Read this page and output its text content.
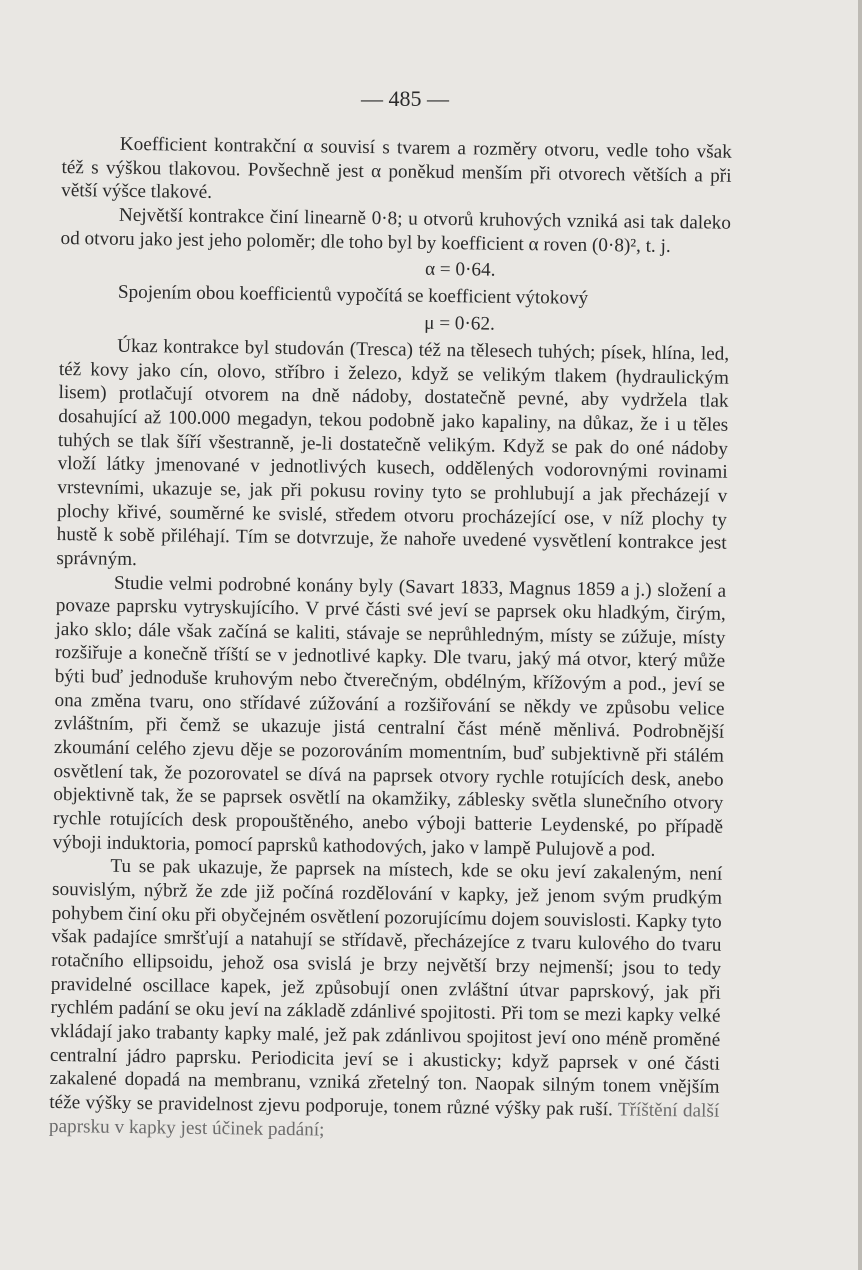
— 485 —

Koefficient kontrakční α souvisí s tvarem a rozměry otvoru, vedle toho však též s výškou tlakovou. Povšechně jest α poněkud menším při otvorech větších a při větší výšce tlakové.

Největší kontrakce činí linearně 0·8; u otvorů kruhových vzniká asi tak daleko od otvoru jako jest jeho poloměr; dle toho byl by koefficient α roven (0·8)², t. j.

α = 0·64.

Spojením obou koefficientů vypočítá se koefficient výtokový

μ = 0·62.

Úkaz kontrakce byl studován (Tresca) též na tělesech tuhých; písek, hlína, led, též kovy jako cín, olovo, stříbro i železo, když se velikým tlakem (hydraulickým lisem) protlačují otvorem na dně nádoby, dostatečně pevné, aby vydržela tlak dosahující až 100.000 megadyn, tekou podobně jako kapaliny, na důkaz, že i u těles tuhých se tlak šíří všestranně, je-li dostatečně velikým. Když se pak do oné nádoby vloží látky jmenované v jednotlivých kusech, oddělených vodorovnými rovinami vrstevními, ukazuje se, jak při pokusu roviny tyto se prohlubují a jak přecházejí v plochy křivé, souměrné ke svislé, středem otvoru procházející ose, v níž plochy ty hustě k sobě přiléhají. Tím se dotvrzuje, že nahoře uvedené vysvětlení kontrakce jest správným.

Studie velmi podrobné konány byly (Savart 1833, Magnus 1859 a j.) složení a povaze paprsku vytryskujícího. V prvé části své jeví se paprsek oku hladkým, čirým, jako sklo; dále však začíná se kaliti, stávaje se neprůhledným, místy se zúžuje, místy rozšiřuje a konečně tříští se v jednotlivé kapky. Dle tvaru, jaký má otvor, který může býti buď jednoduše kruhovým nebo čtverečným, obdélným, křížovým a pod., jeví se ona změna tvaru, ono střídavé zúžování a rozšiřování se někdy ve způsobu velice zvláštním, při čemž se ukazuje jistá centralní část méně měnlivá. Podrobnější zkoumání celého zjevu děje se pozorováním momentním, buď subjektivně při stálém osvětlení tak, že pozorovatel se dívá na paprsek otvory rychle rotujících desk, anebo objektivně tak, že se paprsek osvětlí na okamžiky, záblesky světla slunečního otvory rychle rotujících desk propouštěného, anebo výboji batterie Leydenské, po případě výboji induktoria, pomocí paprsků kathodových, jako v lampě Pulujově a pod.

Tu se pak ukazuje, že paprsek na místech, kde se oku jeví zakaleným, není souvislým, nýbrž že zde již počíná rozdělování v kapky, jež jenom svým prudkým pohybem činí oku při obyčejném osvětlení pozorujícímu dojem souvislosti. Kapky tyto však padajíce smršťují a natahují se střídavě, přecházejíce z tvaru kulového do tvaru rotačního ellipsoidu, jehož osa svislá je brzy největší brzy nejmenší; jsou to tedy pravidelné oscillace kapek, jež způsobují onen zvláštní útvar paprskový, jak při rychlém padání se oku jeví na základě zdánlivé spojitosti. Při tom se mezi kapky velké vkládají jako trabanty kapky malé, jež pak zdánlivou spojitost jeví ono méně proměné centralní jádro paprsku. Periodicita jeví se i akusticky; když paprsek v oné části zakalené dopadá na membranu, vzniká zřetelný ton. Naopak silným tonem vnějším téže výšky se pravidelnost zjevu podporuje, tonem různé výšky pak ruší. Tříštění další paprsku v kapky jest účinek padání;
